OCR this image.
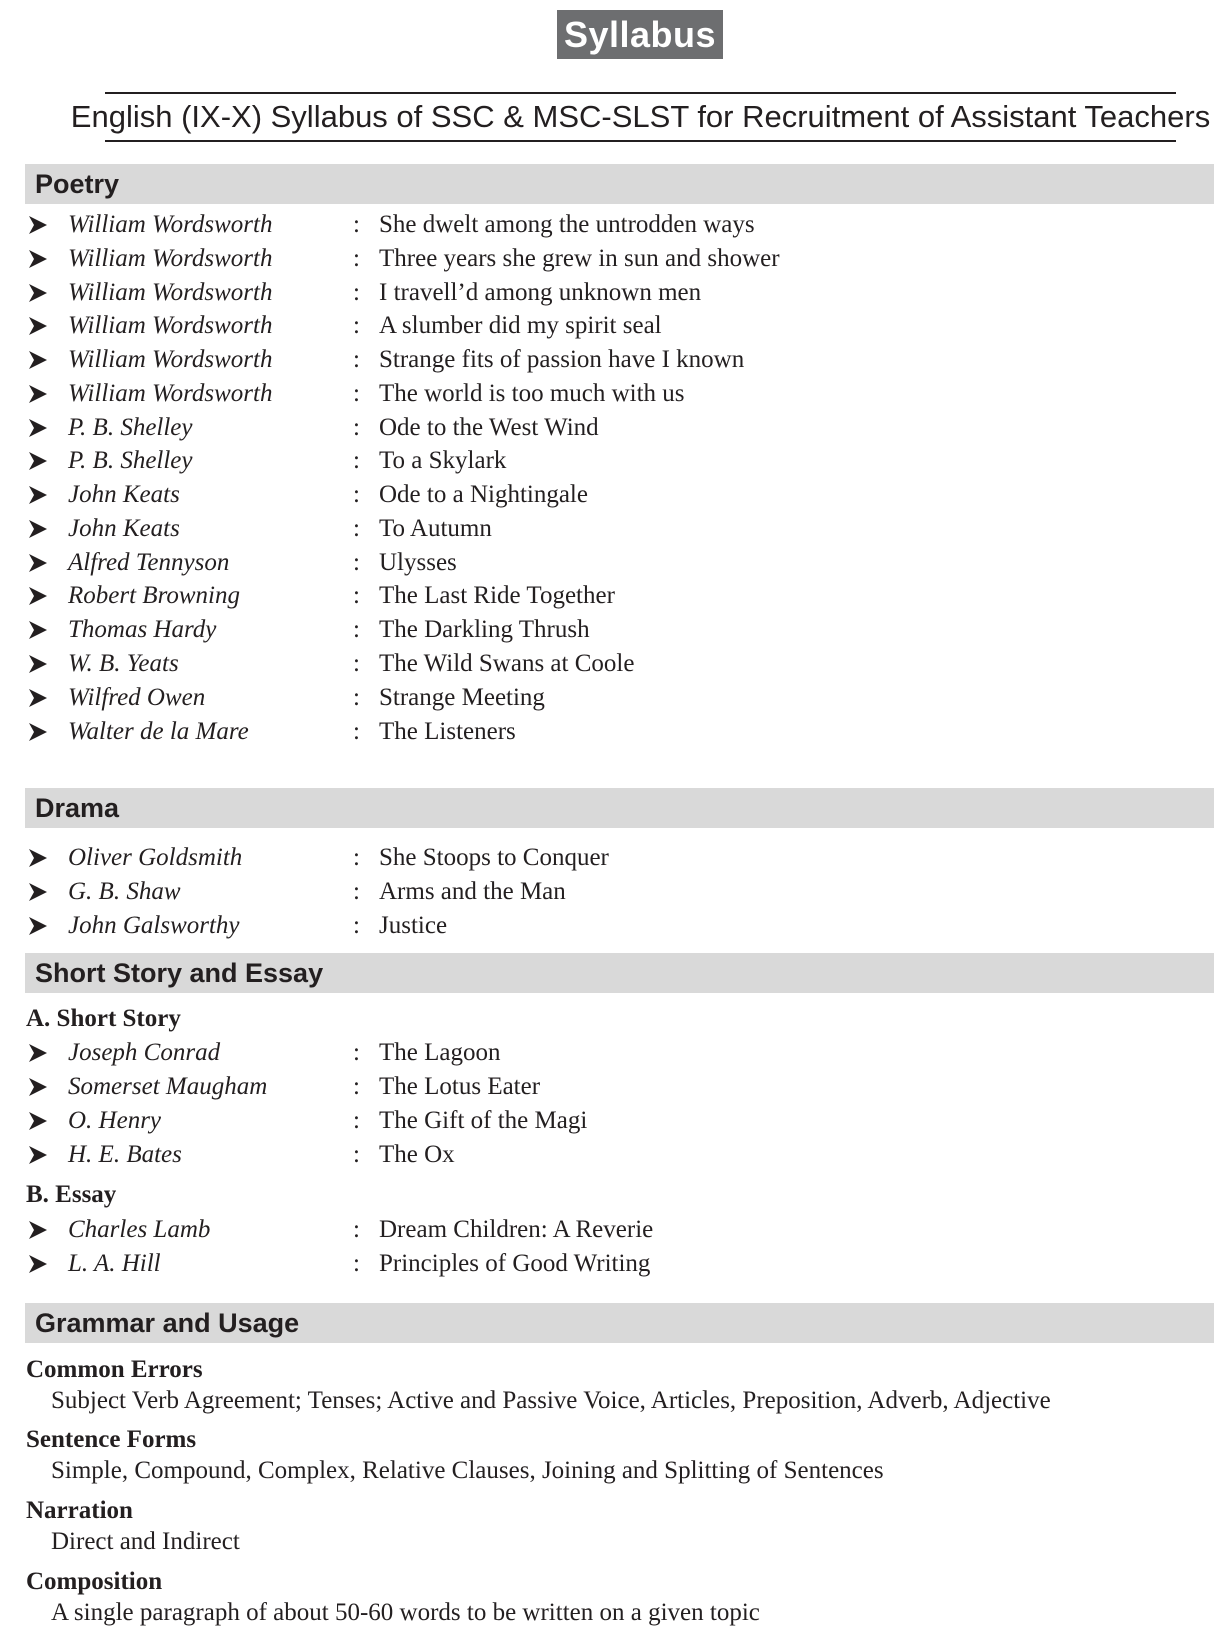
Syllabus
English (IX-X) Syllabus of SSC & MSC-SLST for Recruitment of Assistant Teachers
Poetry
William Wordsworth	: She dwelt among the untrodden ways
William Wordsworth	: Three years she grew in sun and shower
William Wordsworth	: I travell’d among unknown men
William Wordsworth	: A slumber did my spirit seal
William Wordsworth	: Strange fits of passion have I known
William Wordsworth	: The world is too much with us
P. B. Shelley	: Ode to the West Wind
P. B. Shelley	: To a Skylark
John Keats	: Ode to a Nightingale
John Keats	: To Autumn
Alfred Tennyson	: Ulysses
Robert Browning	: The Last Ride Together
Thomas Hardy	: The Darkling Thrush
W. B. Yeats	: The Wild Swans at Coole
Wilfred Owen	: Strange Meeting
Walter de la Mare	: The Listeners
Drama
Oliver Goldsmith	: She Stoops to Conquer
G. B. Shaw	: Arms and the Man
John Galsworthy	: Justice
Short Story and Essay
A. Short Story
Joseph Conrad	: The Lagoon
Somerset Maugham	: The Lotus Eater
O. Henry	: The Gift of the Magi
H. E. Bates	: The Ox
B. Essay
Charles Lamb	: Dream Children: A Reverie
L. A. Hill	: Principles of Good Writing
Grammar and Usage
Common Errors
Subject Verb Agreement; Tenses; Active and Passive Voice, Articles, Preposition, Adverb, Adjective
Sentence Forms
Simple, Compound, Complex, Relative Clauses, Joining and Splitting of Sentences
Narration
Direct and Indirect
Composition
A single paragraph of about 50-60 words to be written on a given topic
